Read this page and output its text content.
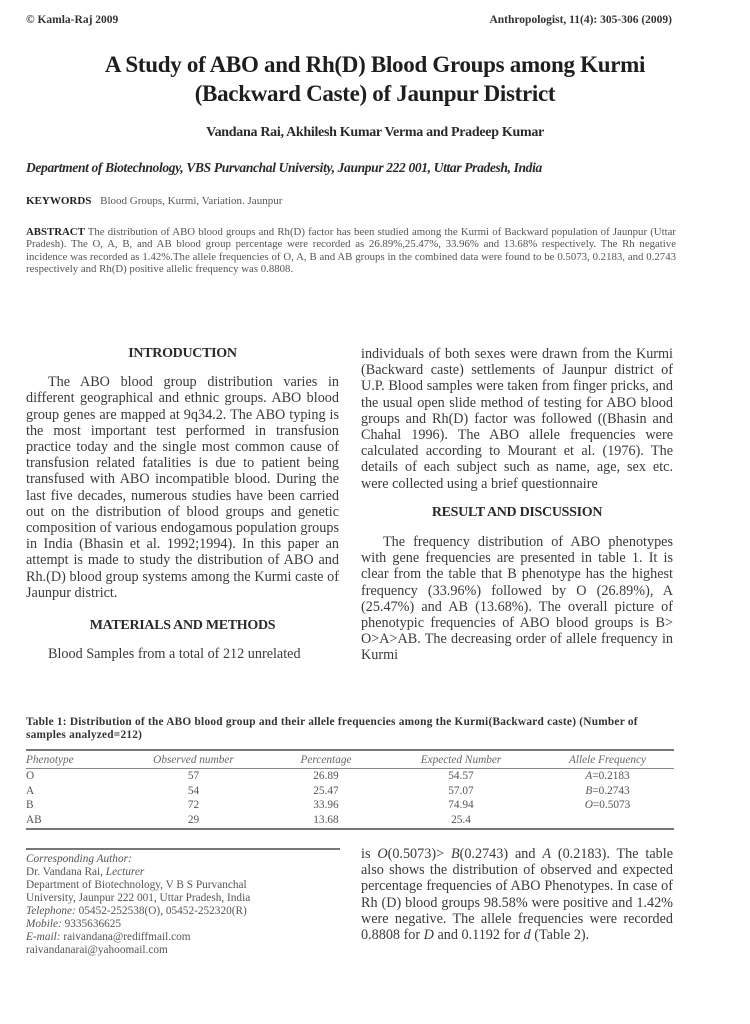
© Kamla-Raj 2009	Anthropologist, 11(4): 305-306 (2009)
A Study of ABO and Rh(D) Blood Groups among Kurmi
(Backward Caste) of Jaunpur District
Vandana Rai, Akhilesh Kumar Verma and Pradeep Kumar
Department of Biotechnology, VBS Purvanchal University, Jaunpur 222 001, Uttar Pradesh, India
KEYWORDS Blood Groups, Kurmi, Variation. Jaunpur
ABSTRACT The distribution of ABO blood groups and Rh(D) factor has been studied among the Kurmi of Backward population of Jaunpur (Uttar Pradesh). The O, A, B, and AB blood group percentage were recorded as 26.89%,25.47%, 33.96% and 13.68% respectively. The Rh negative incidence was recorded as 1.42%.The allele frequencies of O, A, B and AB groups in the combined data were found to be 0.5073, 0.2183, and 0.2743 respectively and Rh(D) positive allelic frequency was 0.8808.
INTRODUCTION

The ABO blood group distribution varies in different geographical and ethnic groups. ABO blood group genes are mapped at 9q34.2. The ABO typing is the most important test performed in transfusion practice today and the single most common cause of transfusion related fatalities is due to patient being transfused with ABO incompatible blood. During the last five decades, numerous studies have been carried out on the distribution of blood groups and genetic composition of various endogamous population groups in India (Bhasin et al. 1992;1994). In this paper an attempt is made to study the distribution of ABO and Rh.(D) blood group systems among the Kurmi caste of Jaunpur district.

MATERIALS AND METHODS

Blood Samples from a total of 212 unrelated

individuals of both sexes were drawn from the Kurmi (Backward caste) settlements of Jaunpur district of U.P. Blood samples were taken from finger pricks, and the usual open slide method of testing for ABO blood groups and Rh(D) factor was followed ((Bhasin and Chahal 1996). The ABO allele frequencies were calculated according to Mourant et al. (1976). The details of each subject such as name, age, sex etc. were collected using a brief questionnaire

RESULT AND DISCUSSION

The frequency distribution of ABO phenotypes with gene frequencies are presented in table 1. It is clear from the table that B phenotype has the highest frequency (33.96%) followed by O (26.89%), A (25.47%) and AB (13.68%). The overall picture of phenotypic frequencies of ABO blood groups is B> O>A>AB. The decreasing order of allele frequency in Kurmi

Table 1: Distribution of the ABO blood group and their allele frequencies among the Kurmi(Backward caste) (Number of samples analyzed=212)
Phenotype	Observed number	Percentage	Expected Number	Allele Frequency
O	57	26.89	54.57	A=0.2183
A	54	25.47	57.07	B=0.2743
B	72	33.96	74.94	O=0.5073
AB	29	13.68	25.4	
Corresponding Author:
Dr. Vandana Rai, Lecturer
Department of Biotechnology, V B S Purvanchal
University, Jaunpur 222 001, Uttar Pradesh, India
Telephone: 05452-252538(O), 05452-252320(R)
Mobile: 9335636625
E-mail: raivandana@rediffmail.com
raivandanarai@yahoomail.com
is O(0.5073)> B(0.2743) and A (0.2183). The table also shows the distribution of observed and expected percentage frequencies of ABO Phenotypes. In case of Rh (D) blood groups 98.58% were positive and 1.42% were negative. The allele frequencies were recorded 0.8808 for D and 0.1192 for d (Table 2).
